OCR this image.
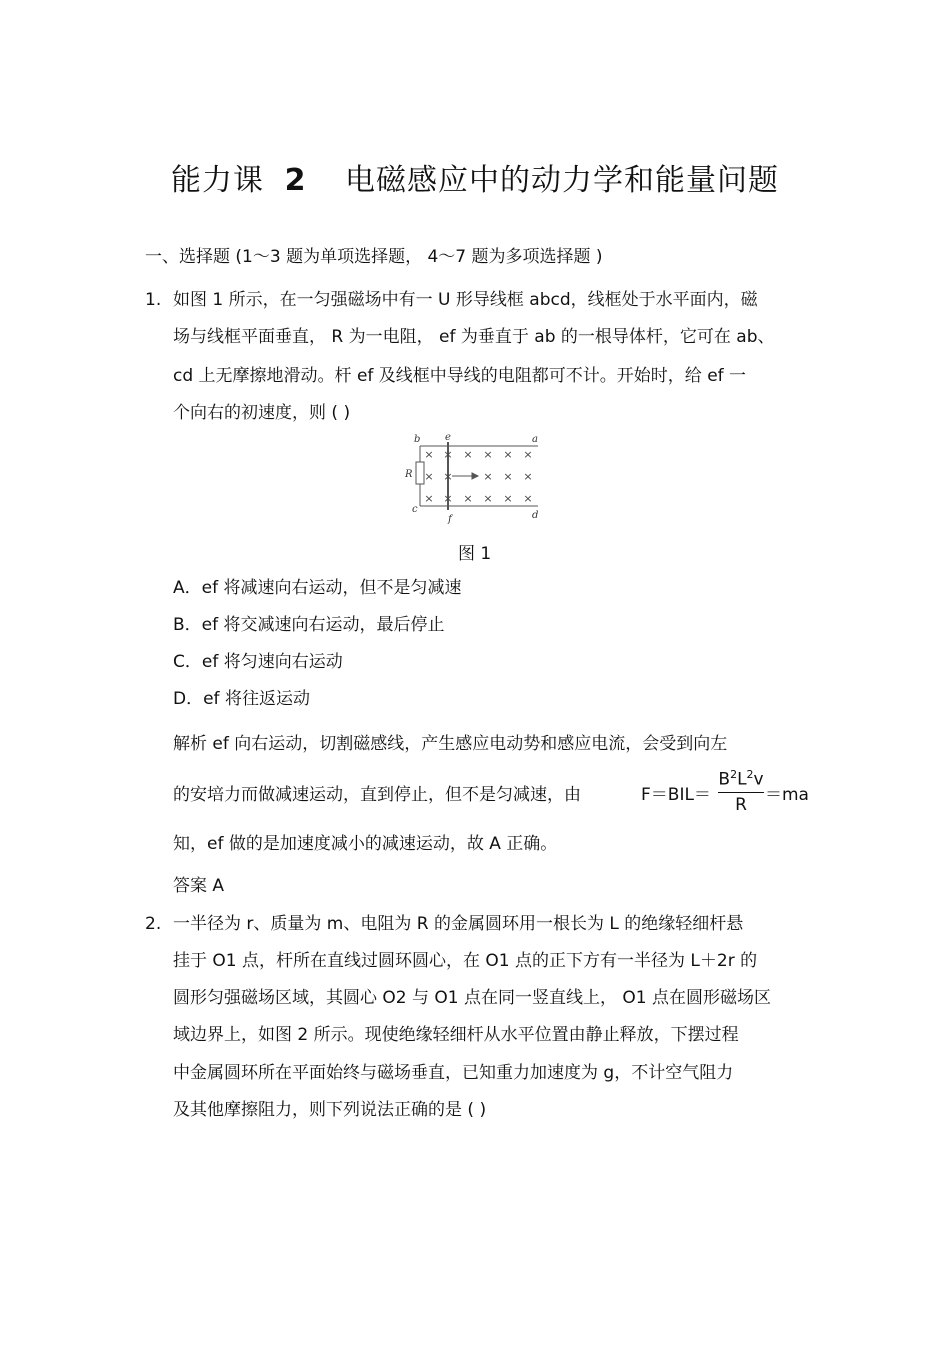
能力课 2 电磁感应中的动力学和能量问题
一、选择题 (1～3 题为单项选择题， 4～7 题为多项选择题 )
1. 如图 1 所示，在一匀强磁场中有一 U 形导线框 abcd，线框处于水平面内，磁
场与线框平面垂直， R 为一电阻， ef 为垂直于 ab 的一根导体杆，它可在 ab、
cd 上无摩擦地滑动。杆 ef 及线框中导线的电阻都可不计。开始时，给 ef 一
个向右的初速度，则 ( )
× × × × × ×
× ×	× × ×
× × × × × ×
b e	a
R
c
f	d
图 1
A．ef 将减速向右运动，但不是匀减速
B．ef 将交减速向右运动，最后停止
C．ef 将匀速向右运动
D．ef 将往返运动
解析 ef 向右运动，切割磁感线，产生感应电动势和感应电流，会受到向左
的安培力而做减速运动，直到停止，但不是匀减速，由	F＝BIL＝
$B^2L^2v$
R	＝ma
知，ef 做的是加速度减小的减速运动，故 A 正确。
答案 A
2. 一半径为 r、质量为 m、电阻为 R 的金属圆环用一根长为 L 的绝缘轻细杆悬
挂于 O1 点，杆所在直线过圆环圆心，在 O1 点的正下方有一半径为 L＋2r 的
圆形匀强磁场区域，其圆心 O2 与 O1 点在同一竖直线上， O1 点在圆形磁场区
域边界上，如图 2 所示。现使绝缘轻细杆从水平位置由静止释放，下摆过程
中金属圆环所在平面始终与磁场垂直，已知重力加速度为 g，不计空气阻力
及其他摩擦阻力，则下列说法正确的是 ( )
